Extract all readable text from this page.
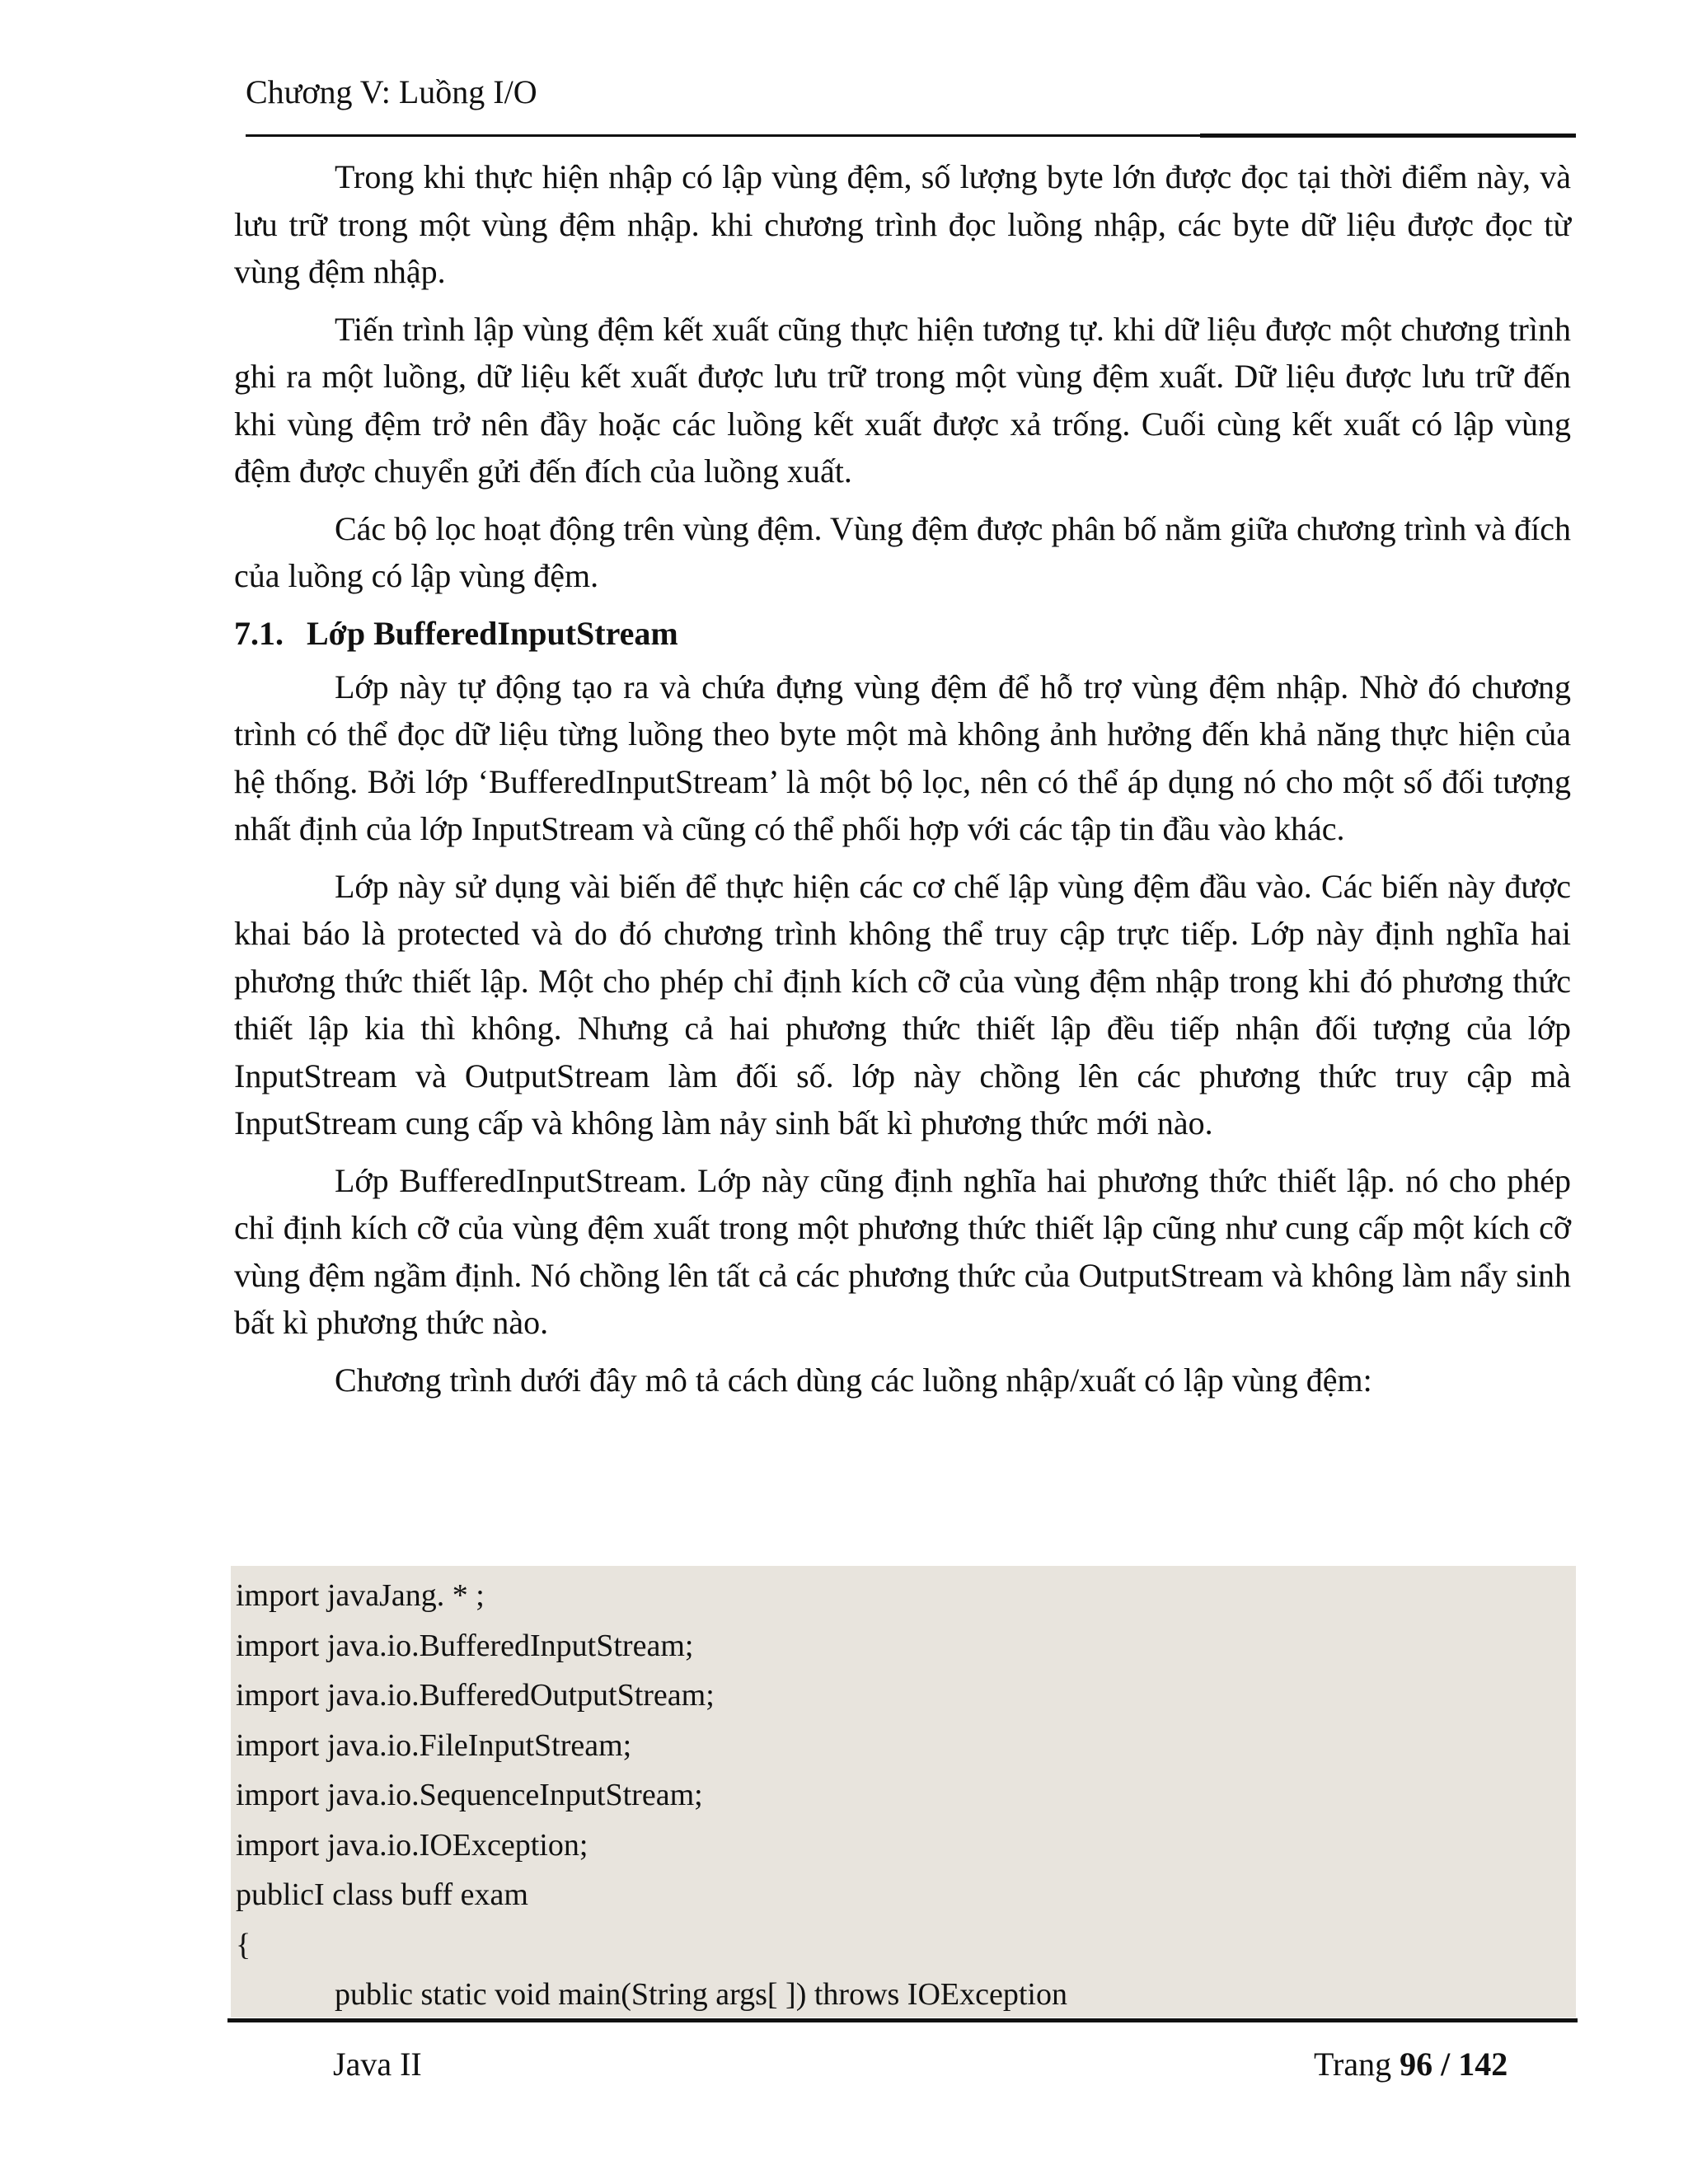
Chương V: Luồng I/O

Trong khi thực hiện nhập có lập vùng đệm, số lượng byte lớn được đọc tại thời điểm này, và lưu trữ trong một vùng đệm nhập. khi chương trình đọc luồng nhập, các byte dữ liệu được đọc từ vùng đệm nhập.

Tiến trình lập vùng đệm kết xuất cũng thực hiện tương tự. khi dữ liệu được một chương trình ghi ra một luồng, dữ liệu kết xuất được lưu trữ trong một vùng đệm xuất. Dữ liệu được lưu trữ đến khi vùng đệm trở nên đầy hoặc các luồng kết xuất được xả trống. Cuối cùng kết xuất có lập vùng đệm được chuyển gửi đến đích của luồng xuất.

Các bộ lọc hoạt động trên vùng đệm. Vùng đệm được phân bố nằm giữa chương trình và đích của luồng có lập vùng đệm.

7.1. Lớp BufferedInputStream

Lớp này tự động tạo ra và chứa đựng vùng đệm để hỗ trợ vùng đệm nhập. Nhờ đó chương trình có thể đọc dữ liệu từng luồng theo byte một mà không ảnh hưởng đến khả năng thực hiện của hệ thống. Bởi lớp ‘BufferedInputStream’ là một bộ lọc, nên có thể áp dụng nó cho một số đối tượng nhất định của lớp InputStream và cũng có thể phối hợp với các tập tin đầu vào khác.

Lớp này sử dụng vài biến để thực hiện các cơ chế lập vùng đệm đầu vào. Các biến này được khai báo là protected và do đó chương trình không thể truy cập trực tiếp. Lớp này định nghĩa hai phương thức thiết lập. Một cho phép chỉ định kích cỡ của vùng đệm nhập trong khi đó phương thức thiết lập kia thì không. Nhưng cả hai phương thức thiết lập đều tiếp nhận đối tượng của lớp InputStream và OutputStream làm đối số. lớp này chồng lên các phương thức truy cập mà InputStream cung cấp và không làm nảy sinh bất kì phương thức mới nào.

Lớp BufferedInputStream. Lớp này cũng định nghĩa hai phương thức thiết lập. nó cho phép chỉ định kích cỡ của vùng đệm xuất trong một phương thức thiết lập cũng như cung cấp một kích cỡ vùng đệm ngầm định. Nó chồng lên tất cả các phương thức của OutputStream và không làm nẩy sinh bất kì phương thức nào.

Chương trình dưới đây mô tả cách dùng các luồng nhập/xuất có lập vùng đệm:
import javaJang. * ;
import java.io.BufferedInputStream;
import java.io.BufferedOutputStream;
import java.io.FileInputStream;
import java.io.SequenceInputStream;
import java.io.IOException;
publicI class buff exam
{
public static void main(String args[ ]) throws IOException
Java II	Trang 96 / 142
